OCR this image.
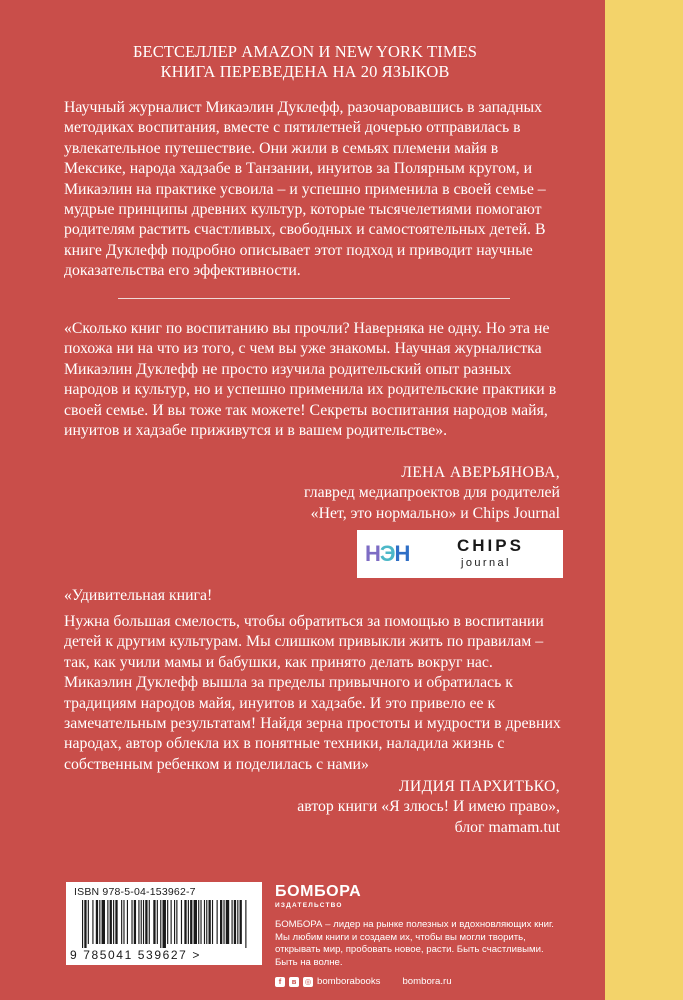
БЕСТСЕЛЛЕР AMAZON И NEW YORK TIMES
КНИГА ПЕРЕВЕДЕНА НА 20 ЯЗЫКОВ

Научный журналист Микаэлин Дуклефф, разочаровавшись в западных методиках воспитания, вместе с пятилетней дочерью отправилась в увлекательное путешествие. Они жили в семьях племени майя в Мексике, народа хадзабе в Танзании, инуитов за Полярным кругом, и Микаэлин на практике усвоила – и успешно применила в своей семье – мудрые принципы древних культур, которые тысячелетиями помогают родителям растить счастливых, свободных и самостоятельных детей. В книге Дуклефф подробно описывает этот подход и приводит научные доказательства его эффективности.

«Сколько книг по воспитанию вы прочли? Наверняка не одну. Но эта не похожа ни на что из того, с чем вы уже знакомы. Научная журналистка Микаэлин Дуклефф не просто изучила родительский опыт разных народов и культур, но и успешно применила их родительские практики в своей семье. И вы тоже так можете! Секреты воспитания народов майя, инуитов и хадзабе приживутся и в вашем родительстве».

ЛЕНА АВЕРЬЯНОВА,
главред медиапроектов для родителей
«Нет, это нормально» и Chips Journal
НЭН	CHIPS
journal

«Удивительная книга!

Нужна большая смелость, чтобы обратиться за помощью в воспитании детей к другим культурам. Мы слишком привыкли жить по правилам – так, как учили мамы и бабушки, как принято делать вокруг нас. Микаэлин Дуклефф вышла за пределы привычного и обратилась к традициям народов майя, инуитов и хадзабе. И это привело ее к замечательным результатам! Найдя зерна простоты и мудрости в древних народах, автор облекла их в понятные техники, наладила жизнь с собственным ребенком и поделилась с нами»

ЛИДИЯ ПАРХИТЬКО,
автор книги «Я злюсь! И имею право»,
блог mamam.tut
ISBN 978-5-04-153962-7
9 785041 539627 >
БОМБОРА
ИЗДАТЕЛЬСТВО
БОМБОРА – лидер на рынке полезных и вдохновляющих книг. Мы любим книги и создаем их, чтобы вы могли творить, открывать мир, пробовать новое, расти. Быть счастливыми. Быть на волне.
f	в	◎ bomborabooks bombora.ru
